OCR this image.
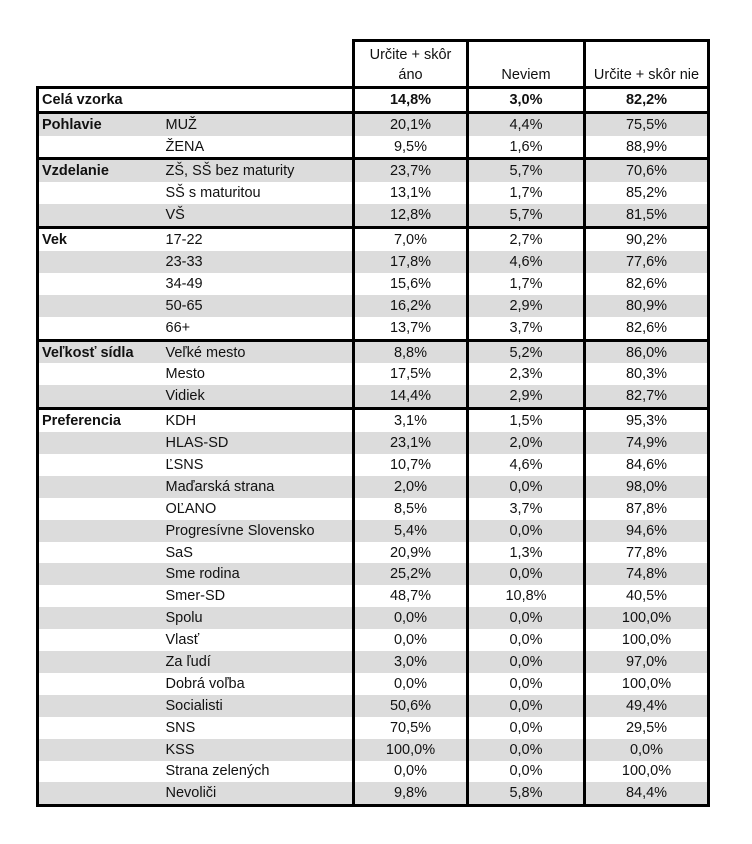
		Určite + skôr		
		áno	Neviem	Určite + skôr nie
Celá vzorka		14,8%	3,0%	82,2%
Pohlavie	MUŽ	20,1%	4,4%	75,5%
	ŽENA	9,5%	1,6%	88,9%
Vzdelanie	ZŠ, SŠ bez maturity	23,7%	5,7%	70,6%
	SŠ s maturitou	13,1%	1,7%	85,2%
	VŠ	12,8%	5,7%	81,5%
Vek	17-22	7,0%	2,7%	90,2%
	23-33	17,8%	4,6%	77,6%
	34-49	15,6%	1,7%	82,6%
	50-65	16,2%	2,9%	80,9%
	66+	13,7%	3,7%	82,6%
Veľkosť sídla	Veľké mesto	8,8%	5,2%	86,0%
	Mesto	17,5%	2,3%	80,3%
	Vidiek	14,4%	2,9%	82,7%
Preferencia	KDH	3,1%	1,5%	95,3%
	HLAS-SD	23,1%	2,0%	74,9%
	ĽSNS	10,7%	4,6%	84,6%
	Maďarská strana	2,0%	0,0%	98,0%
	OĽANO	8,5%	3,7%	87,8%
	Progresívne Slovensko	5,4%	0,0%	94,6%
	SaS	20,9%	1,3%	77,8%
	Sme rodina	25,2%	0,0%	74,8%
	Smer-SD	48,7%	10,8%	40,5%
	Spolu	0,0%	0,0%	100,0%
	Vlasť	0,0%	0,0%	100,0%
	Za ľudí	3,0%	0,0%	97,0%
	Dobrá voľba	0,0%	0,0%	100,0%
	Socialisti	50,6%	0,0%	49,4%
	SNS	70,5%	0,0%	29,5%
	KSS	100,0%	0,0%	0,0%
	Strana zelených	0,0%	0,0%	100,0%
	Nevoliči	9,8%	5,8%	84,4%
